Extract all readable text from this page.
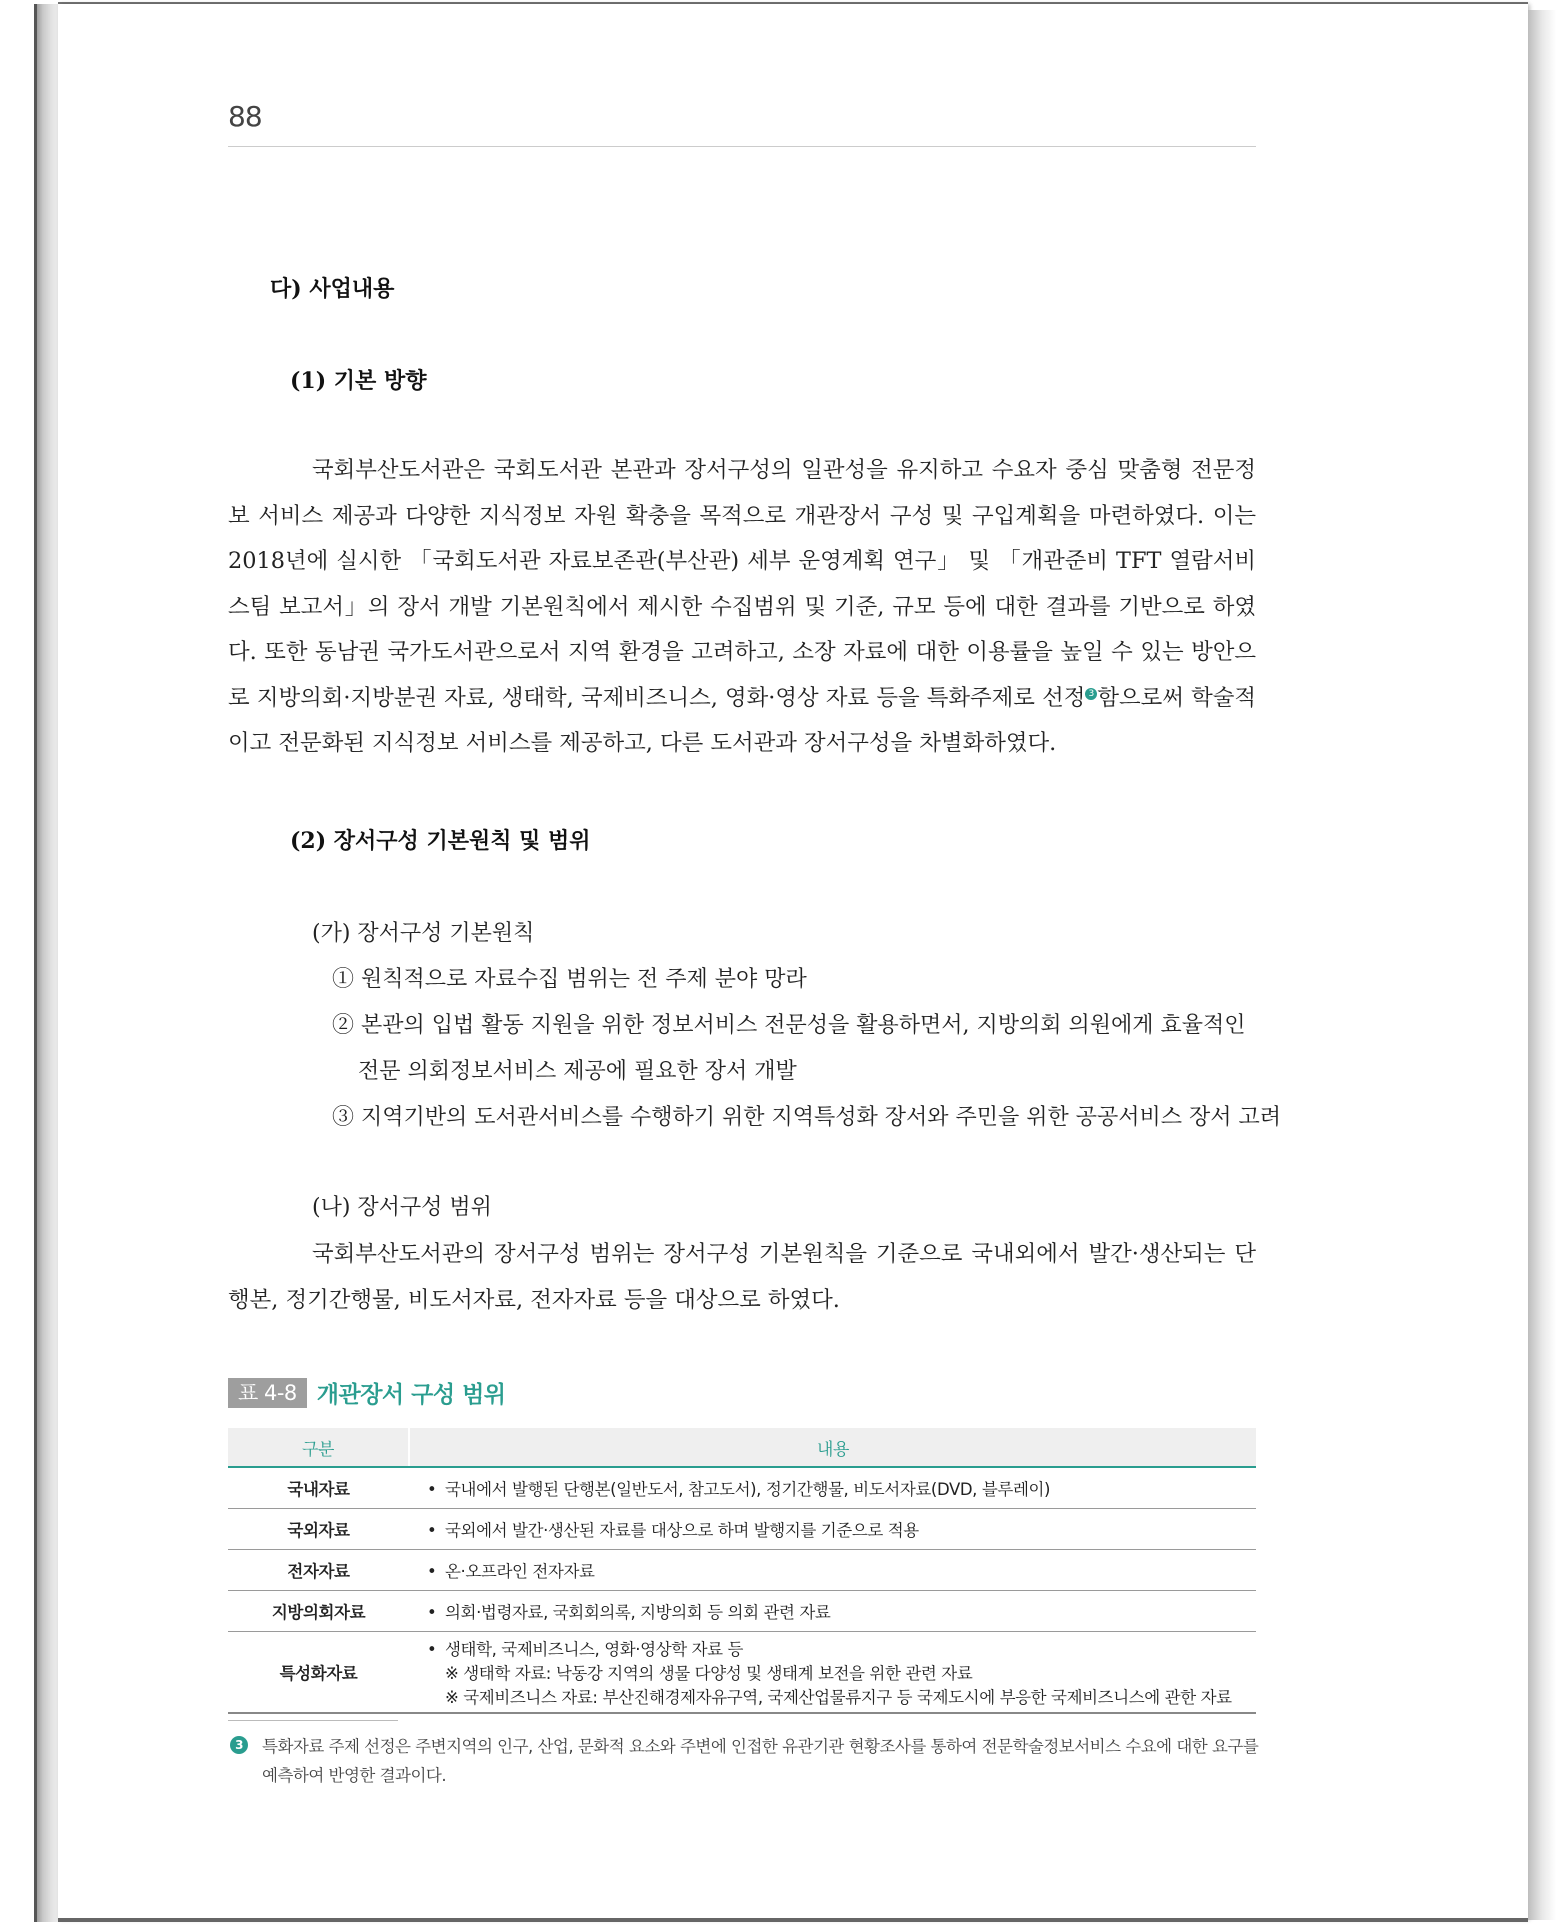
88
다) 사업내용
(1) 기본 방향

국회부산도서관은 국회도서관 본관과 장서구성의 일관성을 유지하고 수요자 중심 맞춤형 전문정보 서비스 제공과 다양한 지식정보 자원 확충을 목적으로 개관장서 구성 및 구입계획을 마련하였다. 이는 2018년에 실시한 「국회도서관 자료보존관(부산관) 세부 운영계획 연구」 및 「개관준비 TFT 열람서비스팀 보고서」의 장서 개발 기본원칙에서 제시한 수집범위 및 기준, 규모 등에 대한 결과를 기반으로 하였다. 또한 동남권 국가도서관으로서 지역 환경을 고려하고, 소장 자료에 대한 이용률을 높일 수 있는 방안으로 지방의회·지방분권 자료, 생태학, 국제비즈니스, 영화·영상 자료 등을 특화주제로 선정 3 함으로써 학술적이고 전문화된 지식정보 서비스를 제공하고, 다른 도서관과 장서구성을 차별화하였다.

(2) 장서구성 기본원칙 및 범위
(가) 장서구성 기본원칙
① 원칙적으로 자료수집 범위는 전 주제 분야 망라
② 본관의 입법 활동 지원을 위한 정보서비스 전문성을 활용하면서, 지방의회 의원에게 효율적인
전문 의회정보서비스 제공에 필요한 장서 개발
③ 지역기반의 도서관서비스를 수행하기 위한 지역특성화 장서와 주민을 위한 공공서비스 장서 고려
(나) 장서구성 범위

국회부산도서관의 장서구성 범위는 장서구성 기본원칙을 기준으로 국내외에서 발간·생산되는 단행본, 정기간행물, 비도서자료, 전자자료 등을 대상으로 하였다.

표 4-8 개관장서 구성 범위
구분	내용
국내자료	• 국내에서 발행된 단행본(일반도서, 참고도서), 정기간행물, 비도서자료(DVD, 블루레이)
국외자료	• 국외에서 발간·생산된 자료를 대상으로 하며 발행지를 기준으로 적용
전자자료	• 온·오프라인 전자자료
지방의회자료	• 의회·법령자료, 국회회의록, 지방의회 등 의회 관련 자료
특성화자료	• 생태학, 국제비즈니스, 영화·영상학 자료 등
※ 생태학 자료: 낙동강 지역의 생물 다양성 및 생태계 보전을 위한 관련 자료
※ 국제비즈니스 자료: 부산진해경제자유구역, 국제산업물류지구 등 국제도시에 부응한 국제비즈니스에 관한 자료
3	특화자료 주제 선정은 주변지역의 인구, 산업, 문화적 요소와 주변에 인접한 유관기관 현황조사를 통하여 전문학술정보서비스 수요에 대한 요구를 예측하여 반영한 결과이다.
